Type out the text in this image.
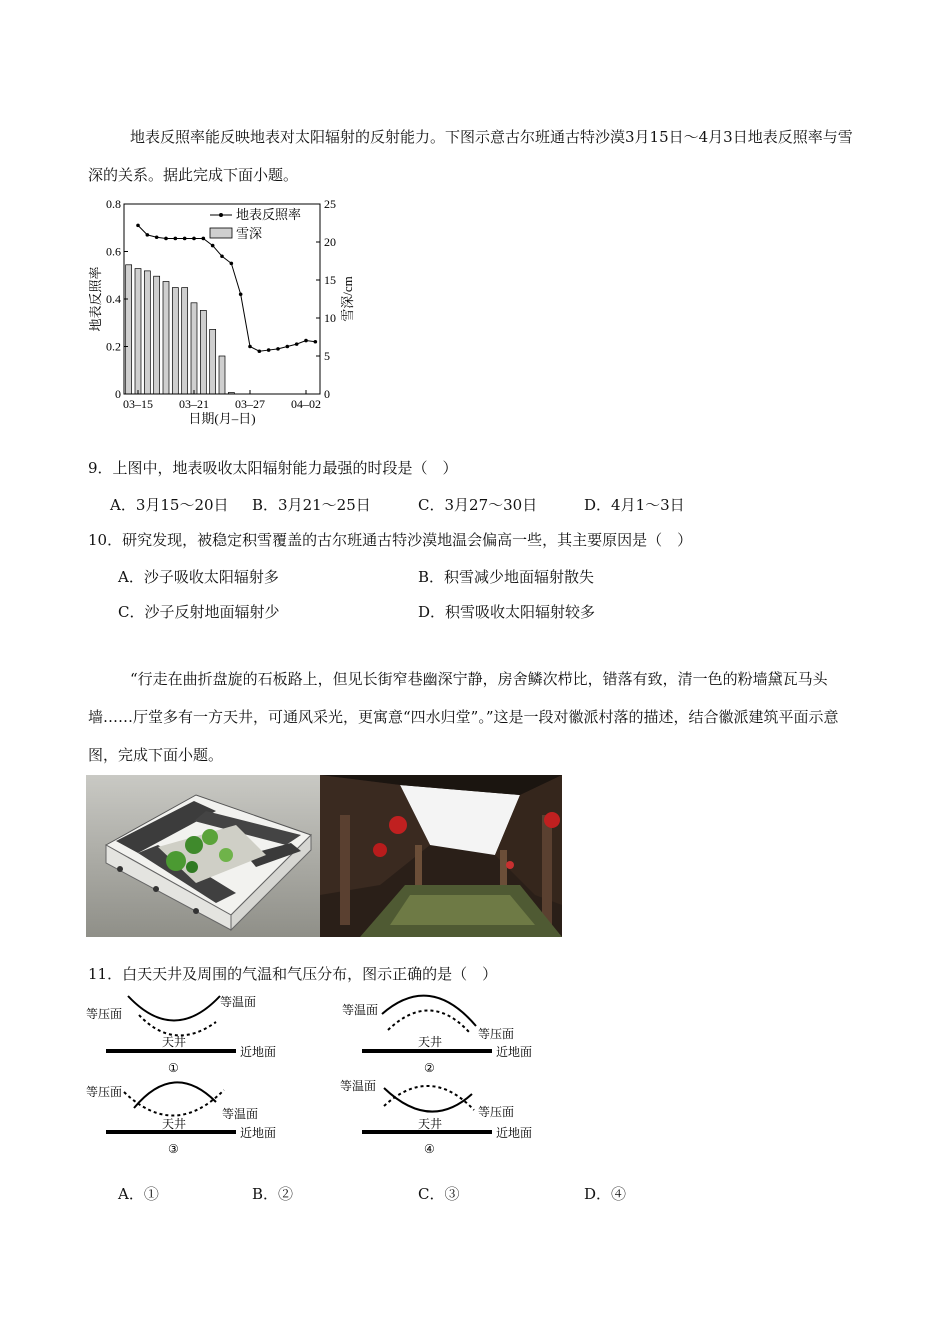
地表反照率能反映地表对太阳辐射的反射能力。下图示意古尔班通古特沙漠3月15日～4月3日地表反照率与雪深的关系。据此完成下面小题。

0
0.2
0.4
0.6
0.8
0
5
10
15
20
25
03–15 03–21 03–27 04–02
地表反照率	雪深/cm
日期(月–日)
地表反照率
雪深

9．上图中，地表吸收太阳辐射能力最强的时段是（　）

A．3月15～20日 B．3月21～25日	C．3月27～30日	D．4月1～3日

10．研究发现，被稳定积雪覆盖的古尔班通古特沙漠地温会偏高一些，其主要原因是（　）

A．沙子吸收太阳辐射多	B．积雪减少地面辐射散失
C．沙子反射地面辐射少	D．积雪吸收太阳辐射较多

“行走在曲折盘旋的石板路上，但见长街窄巷幽深宁静，房舍鳞次栉比，错落有致，清一色的粉墙黛瓦马头墙……厅堂多有一方天井，可通风采光，更寓意“四水归堂”。”这是一段对徽派村落的描述，结合徽派建筑平面示意图，完成下面小题。

11．白天天井及周围的气温和气压分布，图示正确的是（　）

等压面
等温面
天井
近地面
①
等温面
等压面
天井
近地面
②
等压面
等温面
天井
近地面
③
等温面
等压面
天井
近地面
④
A．①	B．②	C．③	D．④
